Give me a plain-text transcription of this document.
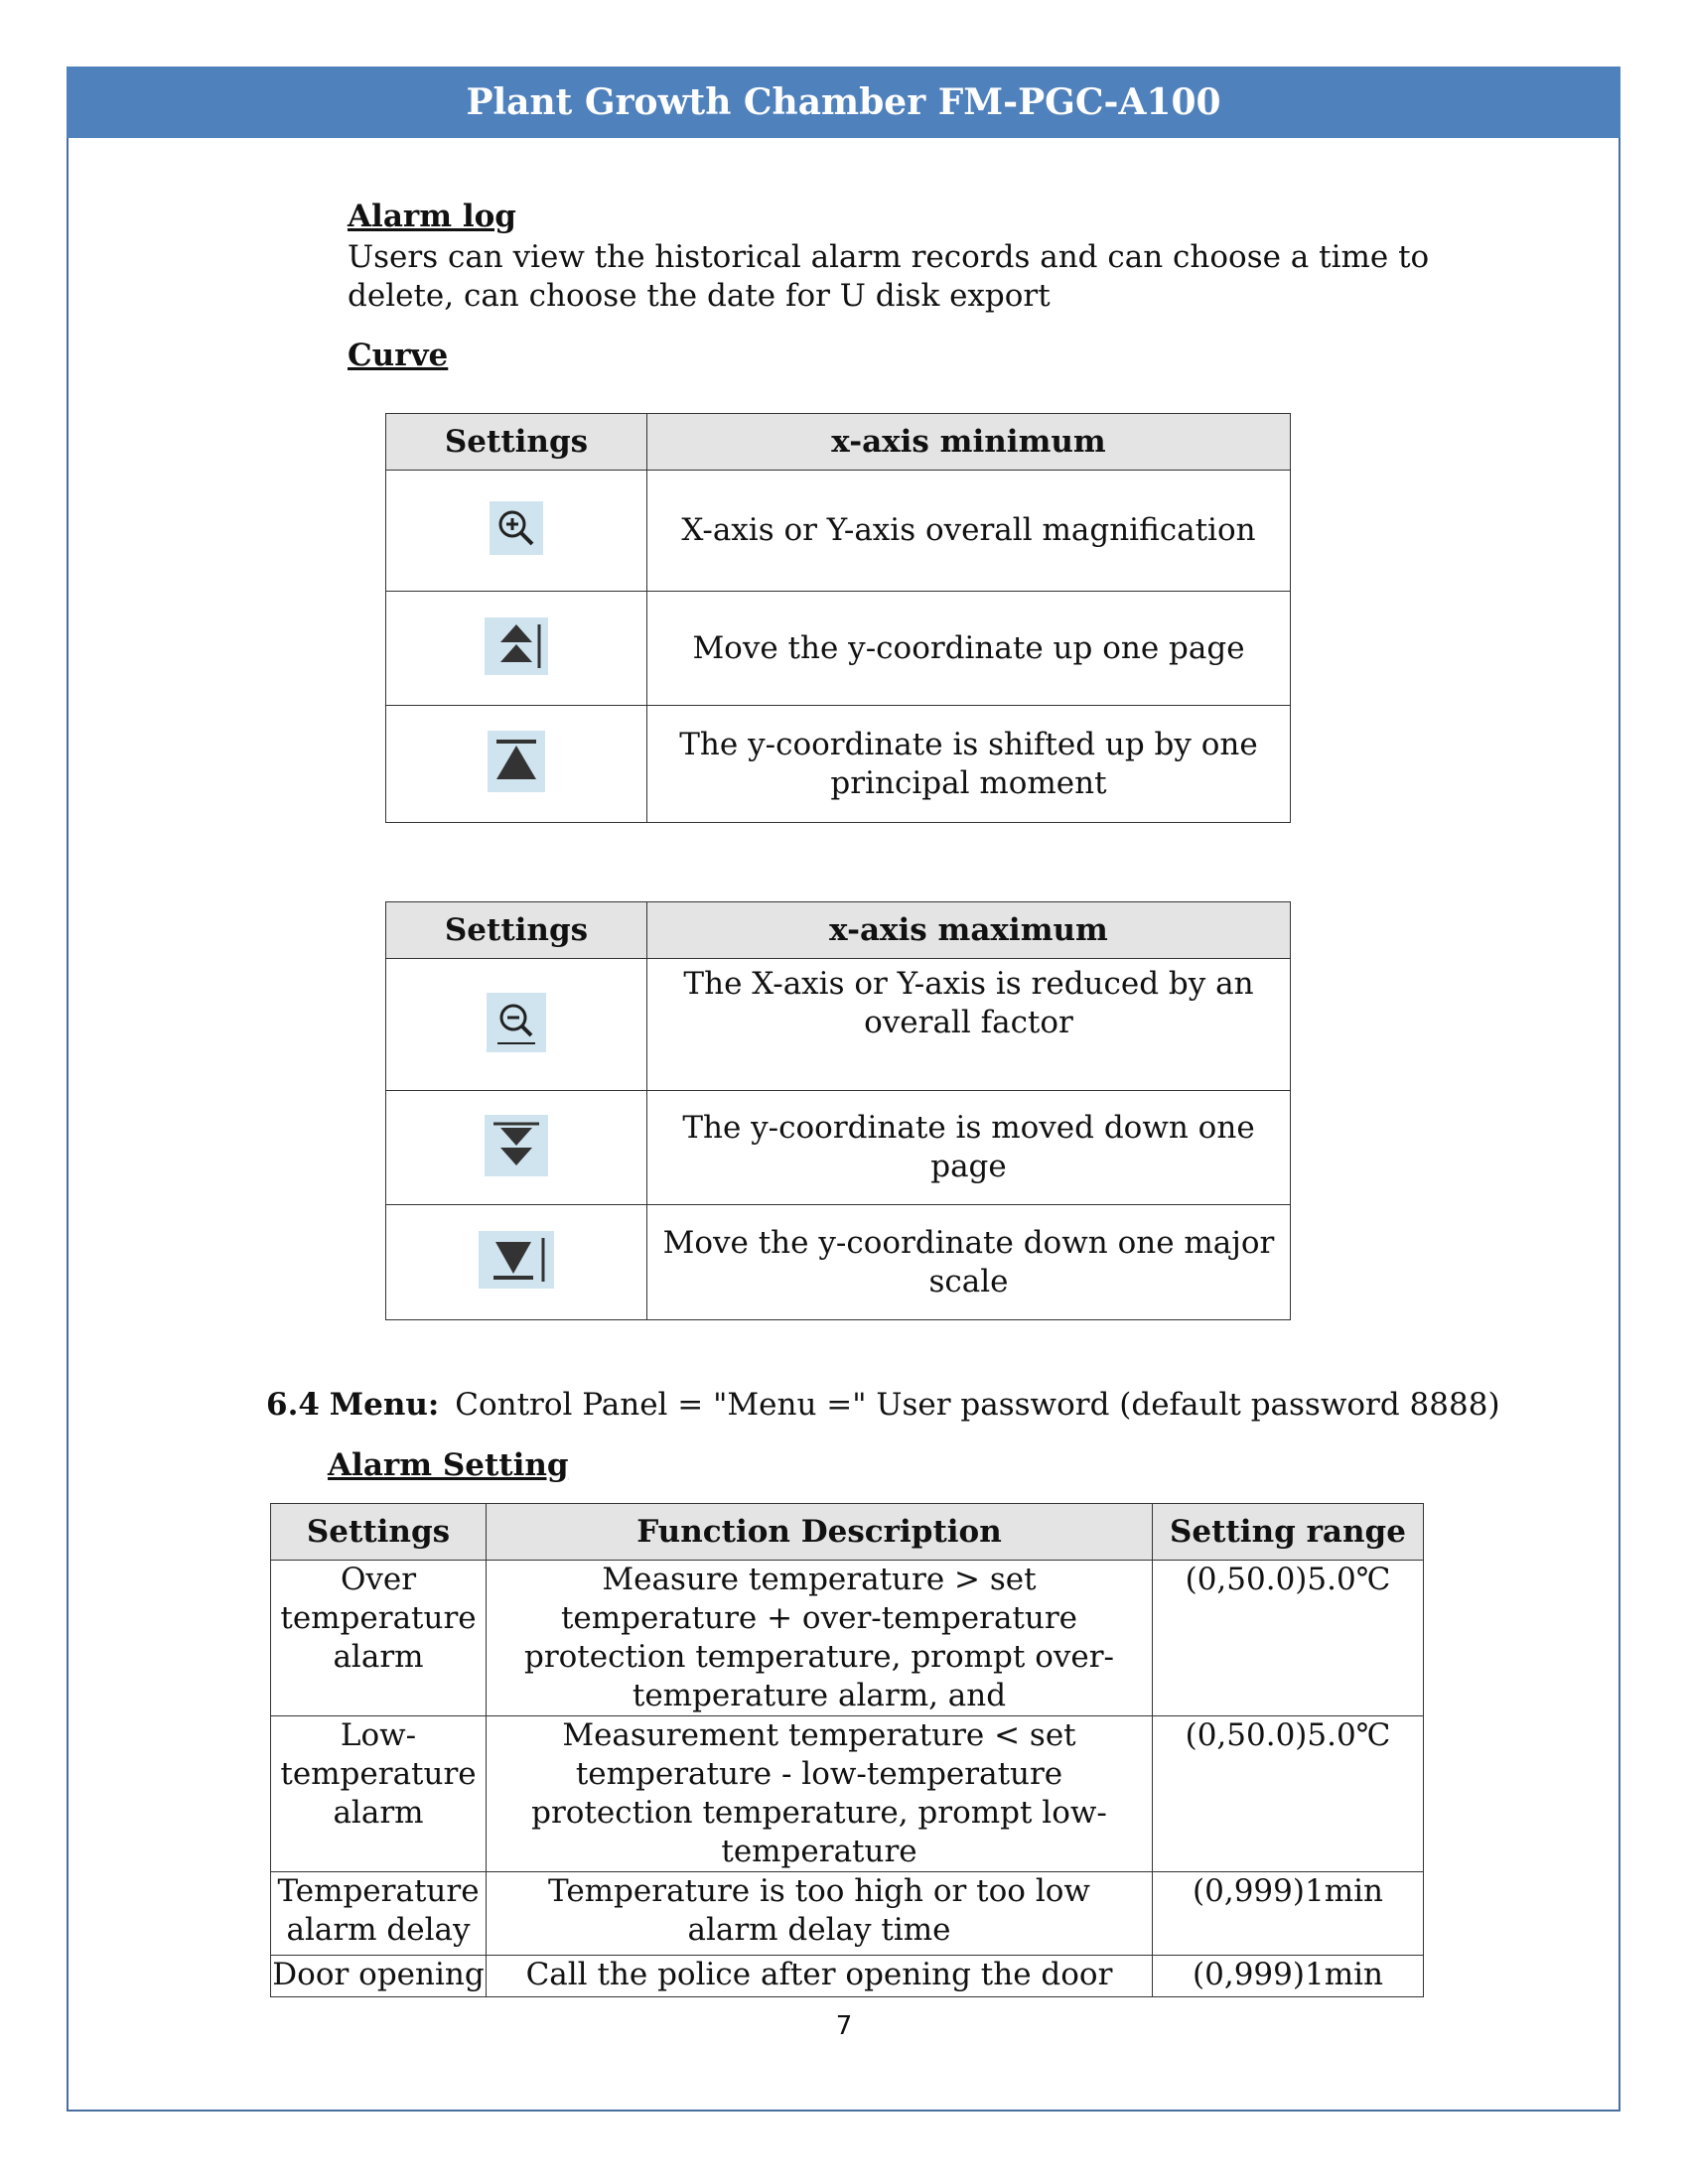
Plant Growth Chamber FM-PGC-A100
Alarm log
Users can view the historical alarm records and can choose a time to delete, can choose the date for U disk export
Curve
Settings	x-axis minimum
	X-axis or Y-axis overall magnification
	Move the y-coordinate up one page
	The y-coordinate is shifted up by one principal moment
Settings	x-axis maximum
	The X-axis or Y-axis is reduced by an overall factor
	The y-coordinate is moved down one page
	Move the y-coordinate down one major scale
6.4 Menu: Control Panel = "Menu =" User password (default password 8888)
Alarm Setting
Settings	Function Description	Setting range
Over temperature alarm	Measure temperature > set temperature + over-temperature protection temperature, prompt over-temperature alarm, and	(0,50.0)5.0℃
Low-temperature alarm	Measurement temperature < set temperature - low-temperature protection temperature, prompt low-temperature	(0,50.0)5.0℃
Temperature alarm delay	Temperature is too high or too low alarm delay time	(0,999)1min
Door opening	Call the police after opening the door	(0,999)1min
7
